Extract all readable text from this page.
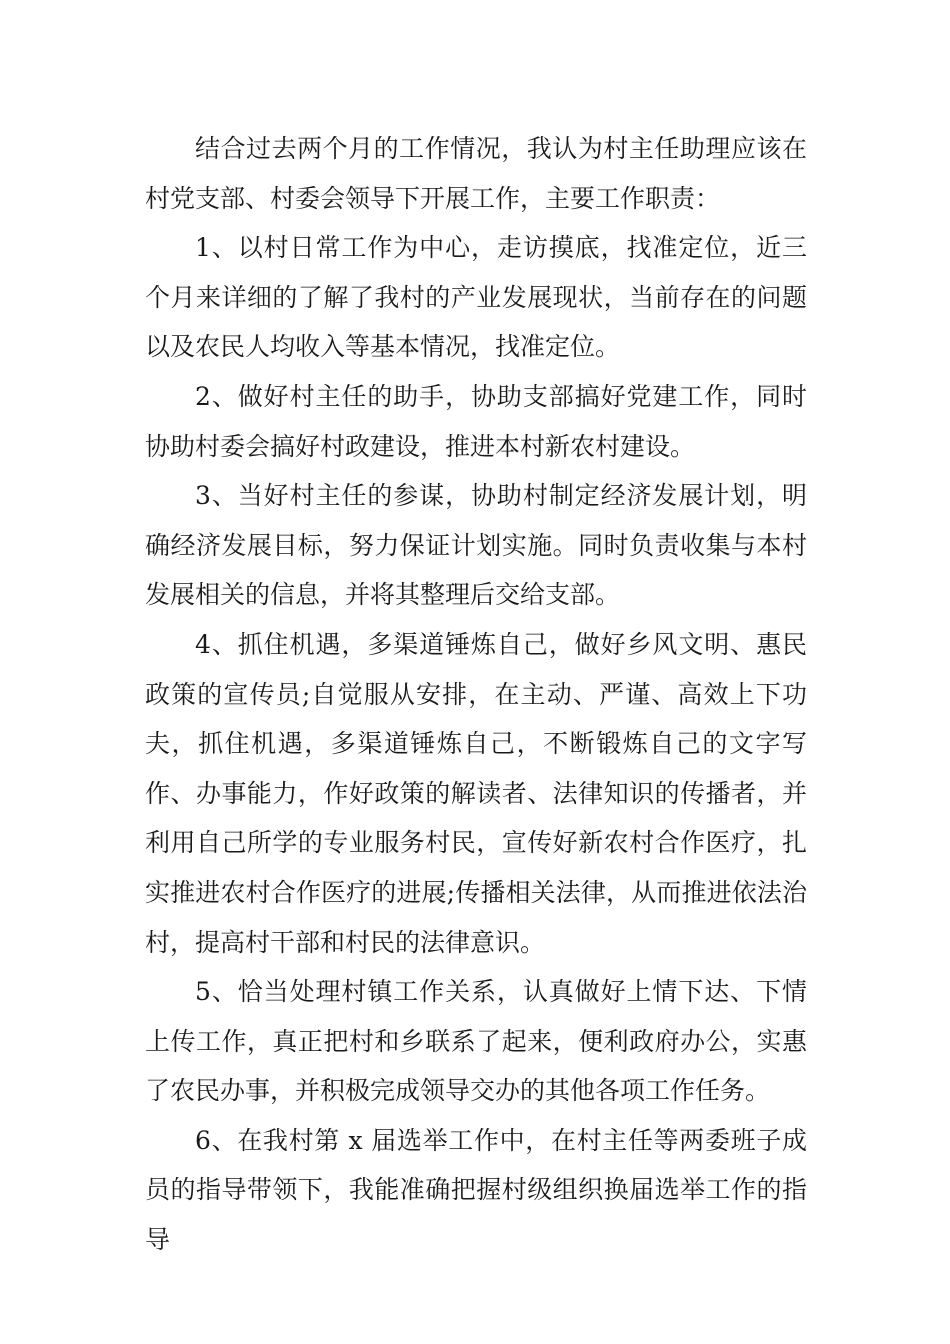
结合过去两个月的工作情况，我认为村主任助理应该在村党支部、村委会领导下开展工作，主要工作职责：

1、以村日常工作为中心，走访摸底，找准定位，近三个月来详细的了解了我村的产业发展现状，当前存在的问题以及农民人均收入等基本情况，找准定位。

2、做好村主任的助手，协助支部搞好党建工作，同时协助村委会搞好村政建设，推进本村新农村建设。

3、当好村主任的参谋，协助村制定经济发展计划，明确经济发展目标，努力保证计划实施。同时负责收集与本村发展相关的信息，并将其整理后交给支部。

4、抓住机遇，多渠道锤炼自己，做好乡风文明、惠民政策的宣传员;自觉服从安排，在主动、严谨、高效上下功夫，抓住机遇，多渠道锤炼自己，不断锻炼自己的文字写作、办事能力，作好政策的解读者、法律知识的传播者，并利用自己所学的专业服务村民，宣传好新农村合作医疗，扎实推进农村合作医疗的进展;传播相关法律，从而推进依法治村，提高村干部和村民的法律意识。

5、恰当处理村镇工作关系，认真做好上情下达、下情上传工作，真正把村和乡联系了起来，便利政府办公，实惠了农民办事，并积极完成领导交办的其他各项工作任务。

6、在我村第 x 届选举工作中，在村主任等两委班子成员的指导带领下，我能准确把握村级组织换届选举工作的指导
